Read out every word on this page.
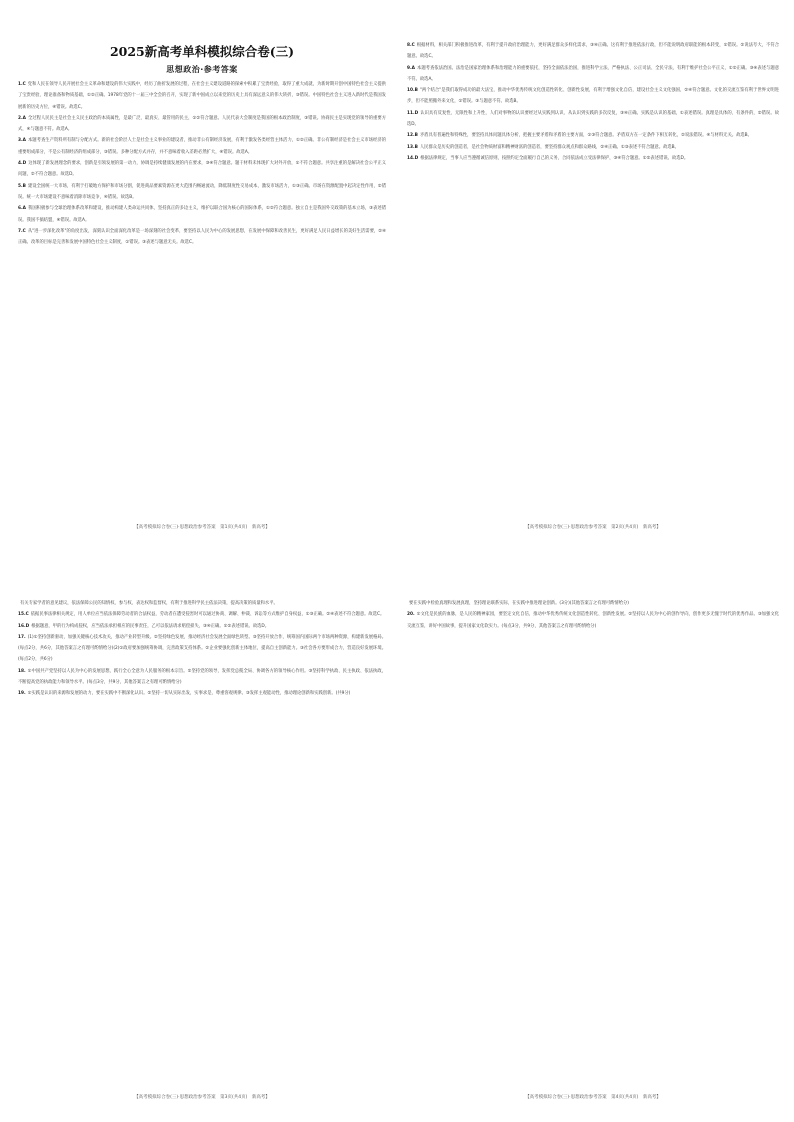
2025新高考单科模拟综合卷(三)
思想政治·参考答案

1.C 党和人民在领导人民开展社会主义革命和建设的伟大实践中，经历了曲折发展的过程，在社会主义建设道路的探索中积累了宝贵经验，取得了重大成就，为新时期开创中国特色社会主义提供了宝贵经验、理论准备和物质基础，①②正确。1978年党的十一届三中全会的召开，实现了新中国成立以来党的历史上具有深远意义的伟大转折，③错误。中国特色社会主义进入新时代是我国发展新的历史方位，④错误。故选C。

2.A 全过程人民民主是社会主义民主政治的本质属性，是最广泛、最真实、最管用的民主，①②符合题意。人民代表大会制度是我国的根本政治制度，③错误。协商民主是实现党的领导的重要方式，④与题意不符。故选A。

3.A 本题考查生产资料所有制与分配方式。新的社会阶层人士是社会主义事业的建设者，推动非公有制经济发展，有利于激发各类经营主体活力，①②正确。非公有制经济是社会主义市场经济的重要组成部分，不是公有制经济的组成部分，③错误。多种分配方式并存，并不意味着收入差距必然扩大，④错误。故选A。

4.D 这体现了新发展理念的要求，创新是引领发展的第一动力，协调是持续健康发展的内在要求，③④符合题意。题干材料未体现扩大对外开放，①不符合题意。共享注重的是解决社会公平正义问题，②不符合题意。故选D。

5.B 建设全国统一大市场，有利于打破地方保护和市场分割，促进商品要素资源在更大范围内畅通流动，降低制度性交易成本，激发市场活力，①③正确。市场在资源配置中起决定性作用，②错误。统一大市场建设不意味着消除市场竞争，④错误。故选B。

6.A 我国积极参与全球治理体系改革和建设，推动构建人类命运共同体，坚持真正的多边主义，维护以联合国为核心的国际体系，①②符合题意。独立自主是我国外交政策的基本立场，③表述错误。我国不搞结盟，④错误。故选A。

7.C 从"进一步深化改革"的角度出发，深刻认识全面深化改革是一场深刻的社会变革，要坚持以人民为中心的发展思想，在发展中保障和改善民生，更好满足人民日益增长的美好生活需要，②④正确。改革的目标是完善和发展中国特色社会主义制度，①错误。③表述与题意无关。故选C。

【高考模拟综合卷(三)·思想政治参考答案　第1页(共4页)　新高考】

8.C 根据材料，相关部门积极推进改革，有利于提升政府治理能力，更好满足群众多样化需求，③④正确。这有利于推进依法行政，但不能说明政府职能的根本转变，①错误。②说法夸大，不符合题意。故选C。

9.A 本题考查依法治国。法治是国家治理体系和治理能力的重要依托，坚持全面依法治国，推进科学立法、严格执法、公正司法、全民守法，有利于维护社会公平正义，①②正确。③④表述与题意不符。故选A。

10.B "两个结合"是我们取得成功的最大法宝，推动中华优秀传统文化创造性转化、创新性发展，有利于增强文化自信，建设社会主义文化强国，②④符合题意。文化的交流互鉴有利于世界文明进步，但不能照搬外来文化，①错误。③与题意不符。故选B。

11.D 认识具有反复性、无限性和上升性，人们对事物的认识要经过从实践到认识、从认识到实践的多次反复，③④正确。实践是认识的基础，①表述错误。真理是具体的、有条件的，②错误。故选D。

12.B 矛盾具有普遍性和特殊性，要坚持具体问题具体分析，把握主要矛盾和矛盾的主要方面，①③符合题意。矛盾双方在一定条件下相互转化，②说法错误。④与材料无关。故选B。

13.B 人民群众是历史的创造者，是社会物质财富和精神财富的创造者，要坚持群众观点和群众路线，②④正确。①③表述不符合题意。故选B。

14.D 根据法律规定，当事人应当遵循诚信原则，按照约定全面履行自己的义务，合同依法成立受法律保护，③④符合题意。①②表述错误。故选D。

【高考模拟综合卷(三)·思想政治参考答案　第2页(共4页)　新高考】

有关专家学者的意见建议，依法保障公民的知情权、参与权、表达权和监督权，有利于推进科学民主依法决策，提高决策的质量和水平。

15.C 依据民事法律相关规定，用人单位应当依法保障劳动者的合法权益，劳动者在遭受侵害时可以通过协商、调解、仲裁、诉讼等方式维护自身权益，①③正确。②④表述不符合题意。故选C。

16.D 根据题意，甲的行为构成侵权，应当依法承担相应的民事责任，乙可以依法请求赔偿损失，③④正确。①②表述错误。故选D。

17. (1)①坚持创新驱动，加强关键核心技术攻关，推动产业转型升级。②坚持绿色发展，推动经济社会发展全面绿色转型。③坚持开放合作，统筹国内国际两个市场两种资源，构建新发展格局。(每点2分，共6分，其他答案言之有理可酌情给分)(2)①政府要加强统筹协调，完善政策支持体系。②企业要强化创新主体地位，提高自主创新能力。③社会各方要形成合力，营造良好发展环境。(每点2分，共6分)

18. ①中国共产党坚持以人民为中心的发展思想，践行全心全意为人民服务的根本宗旨。②坚持党的领导，发挥党总揽全局、协调各方的领导核心作用。③坚持科学执政、民主执政、依法执政，不断提高党的执政能力和领导水平。(每点3分，共9分，其他答案言之有理可酌情给分)

19. ①实践是认识的来源和发展的动力，要在实践中不断深化认识。②坚持一切从实际出发，实事求是，尊重客观规律。③发挥主观能动性，推动理论创新和实践创新。(共9分)

【高考模拟综合卷(三)·思想政治参考答案　第3页(共4页)　新高考】

要在实践中检验真理和发展真理，坚持理论联系实际，在实践中推进理论创新。(3分)(其他答案言之有理可酌情给分)

20. ①文化是民族的血脉，是人民的精神家园，要坚定文化自信，推动中华优秀传统文化创造性转化、创新性发展。②坚持以人民为中心的创作导向，创作更多无愧于时代的优秀作品。③加强文化交流互鉴，讲好中国故事，提升国家文化软实力。(每点3分，共9分，其他答案言之有理可酌情给分)

【高考模拟综合卷(三)·思想政治参考答案　第4页(共4页)　新高考】
